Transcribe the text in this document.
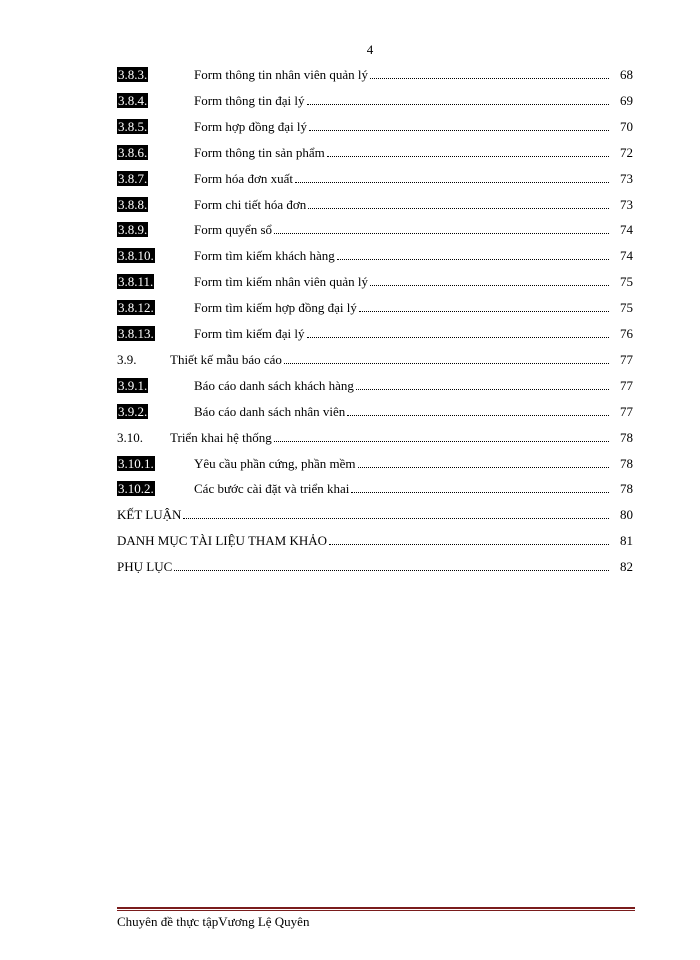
4
3.8.3.	Form thông tin nhân viên quản lý	68
3.8.4.	Form thông tin đại lý	69
3.8.5.	Form hợp đồng đại lý	70
3.8.6.	Form thông tin sản phẩm	72
3.8.7.	Form hóa đơn xuất	73
3.8.8.	Form chi tiết hóa đơn	73
3.8.9.	Form quyển sổ	74
3.8.10.	Form tìm kiếm khách hàng	74
3.8.11.	Form tìm kiếm nhân viên quản lý	75
3.8.12.	Form tìm kiếm hợp đồng đại lý	75
3.8.13.	Form tìm kiếm đại lý	76
3.9.	Thiết kế mẫu báo cáo	77
3.9.1.	Báo cáo danh sách khách hàng	77
3.9.2.	Báo cáo danh sách nhân viên	77
3.10.	Triển khai hệ thống	78
3.10.1.	Yêu cầu phần cứng, phần mềm	78
3.10.2.	Các bước cài đặt và triển khai	78
KẾT LUẬN	80
DANH MỤC TÀI LIỆU THAM KHẢO	81
PHỤ LỤC	82
Chuyên đề thực tậpVương Lệ Quyên
